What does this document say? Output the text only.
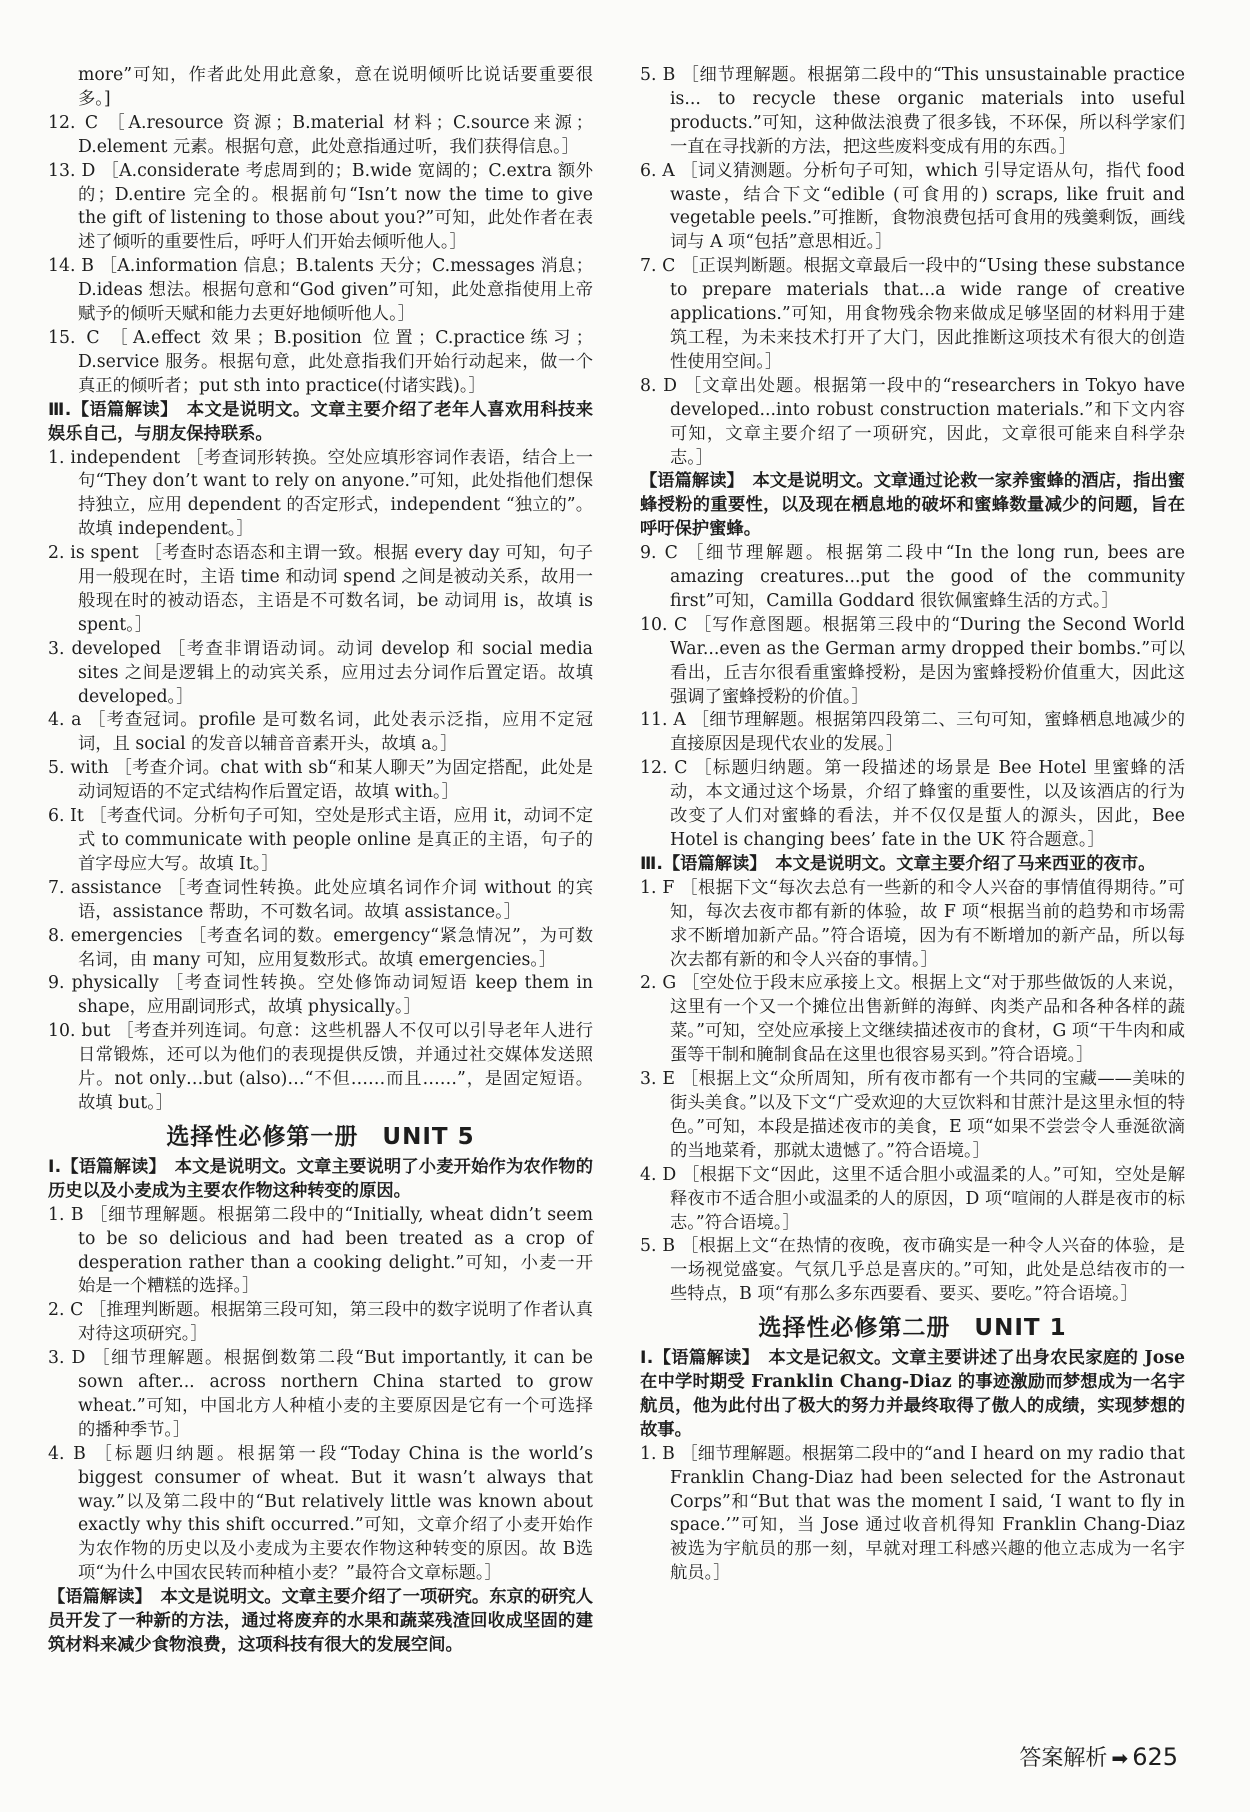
more”可知，作者此处用此意象，意在说明倾听比说话要重要很多。]

12. C ［A.resource 资源；B.material 材料；C.source来源；D.element 元素。根据句意，此处意指通过听，我们获得信息。］

13. D ［A.considerate 考虑周到的；B.wide 宽阔的；C.extra 额外的；D.entire 完全的。根据前句“Isn’t now the time to give the gift of listening to those about you?”可知，此处作者在表述了倾听的重要性后，呼吁人们开始去倾听他人。］

14. B ［A.information 信息；B.talents 天分；C.messages 消息；D.ideas 想法。根据句意和“God given”可知，此处意指使用上帝赋予的倾听天赋和能力去更好地倾听他人。］

15. C ［A.effect 效果；B.position 位置；C.practice练习；D.service 服务。根据句意，此处意指我们开始行动起来，做一个真正的倾听者；put sth into practice(付诸实践)。］

Ⅲ.【语篇解读】　 本文是说明文。文章主要介绍了老年人喜欢用科技来娱乐自己，与朋友保持联系。

1. independent ［考查词形转换。空处应填形容词作表语，结合上一句“They don’t want to rely on anyone.”可知，此处指他们想保持独立，应用 dependent 的否定形式，independent “独立的”。故填 independent。］

2. is spent ［考查时态语态和主谓一致。根据 every day 可知，句子用一般现在时，主语 time 和动词 spend 之间是被动关系，故用一般现在时的被动语态，主语是不可数名词，be 动词用 is，故填 is spent。］

3. developed ［考查非谓语动词。动词 develop 和 social media sites 之间是逻辑上的动宾关系，应用过去分词作后置定语。故填 developed。］

4. a ［考查冠词。profile 是可数名词，此处表示泛指，应用不定冠词，且 social 的发音以辅音音素开头，故填 a。］

5. with ［考查介词。chat with sb“和某人聊天”为固定搭配，此处是动词短语的不定式结构作后置定语，故填 with。］

6. It ［考查代词。分析句子可知，空处是形式主语，应用 it，动词不定式 to communicate with people online 是真正的主语，句子的首字母应大写。故填 It。］

7. assistance ［考查词性转换。此处应填名词作介词 without 的宾语，assistance 帮助，不可数名词。故填 assistance。］

8. emergencies ［考查名词的数。emergency“紧急情况”，为可数名词，由 many 可知，应用复数形式。故填 emergencies。］

9. physically ［考查词性转换。空处修饰动词短语 keep them in shape，应用副词形式，故填 physically。］

10. but ［考查并列连词。句意：这些机器人不仅可以引导老年人进行日常锻炼，还可以为他们的表现提供反馈，并通过社交媒体发送照片。not only…but (also)…“不但……而且……”，是固定短语。故填 but。］

选择性必修第一册　UNIT 5

Ⅰ.【语篇解读】　 本文是说明文。文章主要说明了小麦开始作为农作物的历史以及小麦成为主要农作物这种转变的原因。

1. B ［细节理解题。根据第二段中的“Initially, wheat didn’t seem to be so delicious and had been treated as a crop of desperation rather than a cooking delight.”可知，小麦一开始是一个糟糕的选择。］

2. C ［推理判断题。根据第三段可知，第三段中的数字说明了作者认真对待这项研究。］

3. D ［细节理解题。根据倒数第二段“But importantly, it can be sown after... across northern China started to grow wheat.”可知，中国北方人种植小麦的主要原因是它有一个可选择的播种季节。］

4. B ［标题归纳题。根据第一段“Today China is the world’s biggest consumer of wheat. But it wasn’t always that way.”以及第二段中的“But relatively little was known about exactly why this shift occurred.”可知，文章介绍了小麦开始作为农作物的历史以及小麦成为主要农作物这种转变的原因。故 B选项“为什么中国农民转而种植小麦？”最符合文章标题。］

【语篇解读】　 本文是说明文。文章主要介绍了一项研究。东京的研究人员开发了一种新的方法，通过将废弃的水果和蔬菜残渣回收成坚固的建筑材料来减少食物浪费，这项科技有很大的发展空间。

5. B ［细节理解题。根据第二段中的“This unsustainable practice is... to recycle these organic materials into useful products.”可知，这种做法浪费了很多钱，不环保，所以科学家们一直在寻找新的方法，把这些废料变成有用的东西。］

6. A ［词义猜测题。分析句子可知，which 引导定语从句，指代 food waste，结合下文“edible (可食用的) scraps, like fruit and vegetable peels.”可推断，食物浪费包括可食用的残羹剩饭，画线词与 A 项“包括”意思相近。］

7. C ［正误判断题。根据文章最后一段中的“Using these substance to prepare materials that...a wide range of creative applications.”可知，用食物残余物来做成足够坚固的材料用于建筑工程，为未来技术打开了大门，因此推断这项技术有很大的创造性使用空间。］

8. D ［文章出处题。根据第一段中的“researchers in Tokyo have developed...into robust construction materials.”和下文内容可知，文章主要介绍了一项研究，因此，文章很可能来自科学杂志。］

【语篇解读】　 本文是说明文。文章通过论救一家养蜜蜂的酒店，指出蜜蜂授粉的重要性，以及现在栖息地的破坏和蜜蜂数量减少的问题，旨在呼吁保护蜜蜂。

9. C ［细节理解题。根据第二段中“In the long run, bees are amazing creatures...put the good of the community first”可知，Camilla Goddard 很钦佩蜜蜂生活的方式。］

10. C ［写作意图题。根据第三段中的“During the Second World War...even as the German army dropped their bombs.”可以看出，丘吉尔很看重蜜蜂授粉，是因为蜜蜂授粉价值重大，因此这强调了蜜蜂授粉的价值。］

11. A ［细节理解题。根据第四段第二、三句可知，蜜蜂栖息地减少的直接原因是现代农业的发展。］

12. C ［标题归纳题。第一段描述的场景是 Bee Hotel 里蜜蜂的活动，本文通过这个场景，介绍了蜂蜜的重要性，以及该酒店的行为改变了人们对蜜蜂的看法，并不仅仅是蜇人的源头，因此，Bee Hotel is changing bees’ fate in the UK 符合题意。］

Ⅲ.【语篇解读】　 本文是说明文。文章主要介绍了马来西亚的夜市。

1. F ［根据下文“每次去总有一些新的和令人兴奋的事情值得期待。”可知，每次去夜市都有新的体验，故 F 项“根据当前的趋势和市场需求不断增加新产品。”符合语境，因为有不断增加的新产品，所以每次去都有新的和令人兴奋的事情。］

2. G ［空处位于段末应承接上文。根据上文“对于那些做饭的人来说，这里有一个又一个摊位出售新鲜的海鲜、肉类产品和各种各样的蔬菜。”可知，空处应承接上文继续描述夜市的食材，G 项“干牛肉和咸蛋等干制和腌制食品在这里也很容易买到。”符合语境。］

3. E ［根据上文“众所周知，所有夜市都有一个共同的宝藏——美味的街头美食。”以及下文“广受欢迎的大豆饮料和甘蔗汁是这里永恒的特色。”可知，本段是描述夜市的美食，E 项“如果不尝尝令人垂涎欲滴的当地菜肴，那就太遗憾了。”符合语境。］

4. D ［根据下文“因此，这里不适合胆小或温柔的人。”可知，空处是解释夜市不适合胆小或温柔的人的原因，D 项“喧闹的人群是夜市的标志。”符合语境。］

5. B ［根据上文“在热情的夜晚，夜市确实是一种令人兴奋的体验，是一场视觉盛宴。气氛几乎总是喜庆的。”可知，此处是总结夜市的一些特点，B 项“有那么多东西要看、要买、要吃。”符合语境。］

选择性必修第二册　UNIT 1

Ⅰ.【语篇解读】　 本文是记叙文。文章主要讲述了出身农民家庭的 Jose 在中学时期受 Franklin Chang-Diaz 的事迹激励而梦想成为一名宇航员，他为此付出了极大的努力并最终取得了傲人的成绩，实现梦想的故事。

1. B ［细节理解题。根据第二段中的“and I heard on my radio that Franklin Chang-Diaz had been selected for the Astronaut Corps”和“But that was the moment I said, ‘I want to fly in space.’”可知，当 Jose 通过收音机得知 Franklin Chang-Diaz 被选为宇航员的那一刻，早就对理工科感兴趣的他立志成为一名宇航员。］

答案解析 ➡ 625
